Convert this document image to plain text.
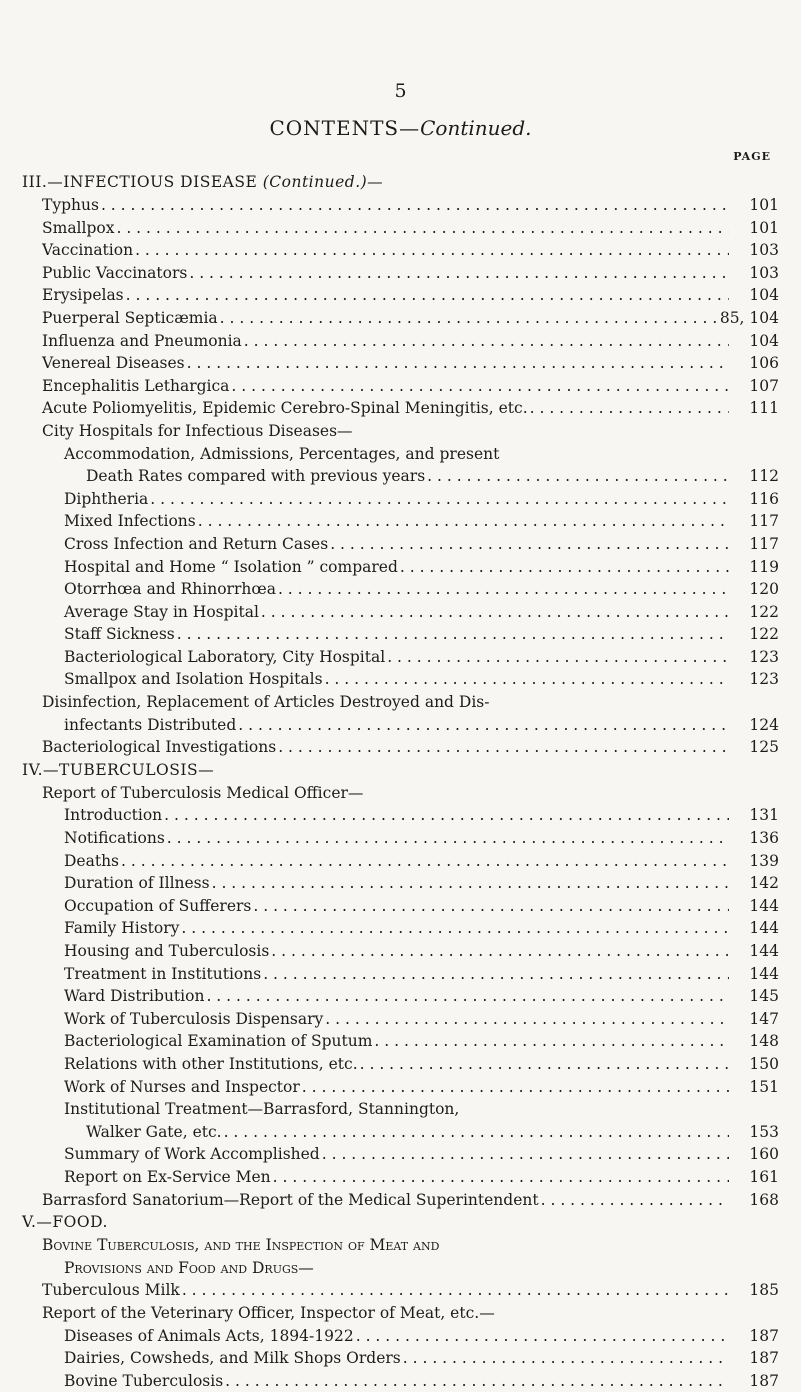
5
CONTENTS—Continued.
PAGE
III.—INFECTIOUS DISEASE (Continued.)—
Typhus . . .	101
Smallpox . . .	101
Vaccination . . .	103
Public Vaccinators . . .	103
Erysipelas . . .	104
Puerperal Septicæmia . . .	85, 104
Influenza and Pneumonia . . .	104
Venereal Diseases . . .	106
Encephalitis Lethargica . . .	107
Acute Poliomyelitis, Epidemic Cerebro-Spinal Meningitis, etc. . . .	111
City Hospitals for Infectious Diseases—
Accommodation, Admissions, Percentages, and present
Death Rates compared with previous years . . .	112
Diphtheria . . .	116
Mixed Infections . . .	117
Cross Infection and Return Cases . . .	117
Hospital and Home “ Isolation ” compared . . .	119
Otorrhœa and Rhinorrhœa . . .	120
Average Stay in Hospital . . .	122
Staff Sickness . . .	122
Bacteriological Laboratory, City Hospital . . .	123
Smallpox and Isolation Hospitals . . .	123
Disinfection, Replacement of Articles Destroyed and Dis-
infectants Distributed . . .	124
Bacteriological Investigations . . .	125
IV.—TUBERCULOSIS—
Report of Tuberculosis Medical Officer—
Introduction . . .	131
Notifications . . .	136
Deaths . . .	139
Duration of Illness . . .	142
Occupation of Sufferers . . .	144
Family History . . .	144
Housing and Tuberculosis . . .	144
Treatment in Institutions . . .	144
Ward Distribution . . .	145
Work of Tuberculosis Dispensary . . .	147
Bacteriological Examination of Sputum . . .	148
Relations with other Institutions, etc. . . .	150
Work of Nurses and Inspector . . .	151
Institutional Treatment—Barrasford, Stannington,
Walker Gate, etc. . . .	153
Summary of Work Accomplished . . .	160
Report on Ex-Service Men . . .	161
Barrasford Sanatorium—Report of the Medical Superintendent . . .	168
V.—FOOD.
Bovine Tuberculosis, and the Inspection of Meat and
Provisions and Food and Drugs—
Tuberculous Milk . . .	185
Report of the Veterinary Officer, Inspector of Meat, etc.—
Diseases of Animals Acts, 1894-1922 . . .	187
Dairies, Cowsheds, and Milk Shops Orders . . .	187
Bovine Tuberculosis . . .	187
